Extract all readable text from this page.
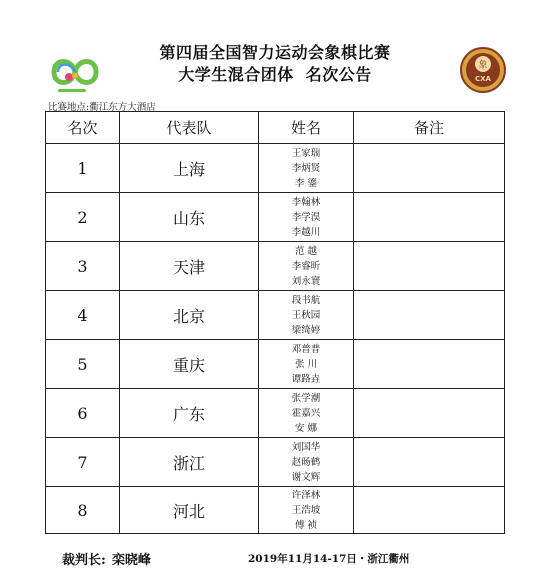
象
CXA
第四届全国智力运动会象棋比赛
大学生混合团体 名次公告
比赛地点:衢江东方大酒店
名次	代表队	姓名	备注
1	上海	王家瑞
李炳贤
李 鎏	

2	山东	李翰林
李学淏
李越川	

3	天津	范 越
李睿昕
刘永寰	

4	北京	段书航
王秋园
梁绮婷	

5	重庆	邓普普
张 川
谭路垚	

6	广东	张学潮
霍嘉兴
安 娜	

7	浙江	刘国华
赵旸鹤
谢文辉	

8	河北	许泽林
王浩坡
傅 祯	

裁判长: 栾晓峰	2019年11月14-17日・浙江衢州
